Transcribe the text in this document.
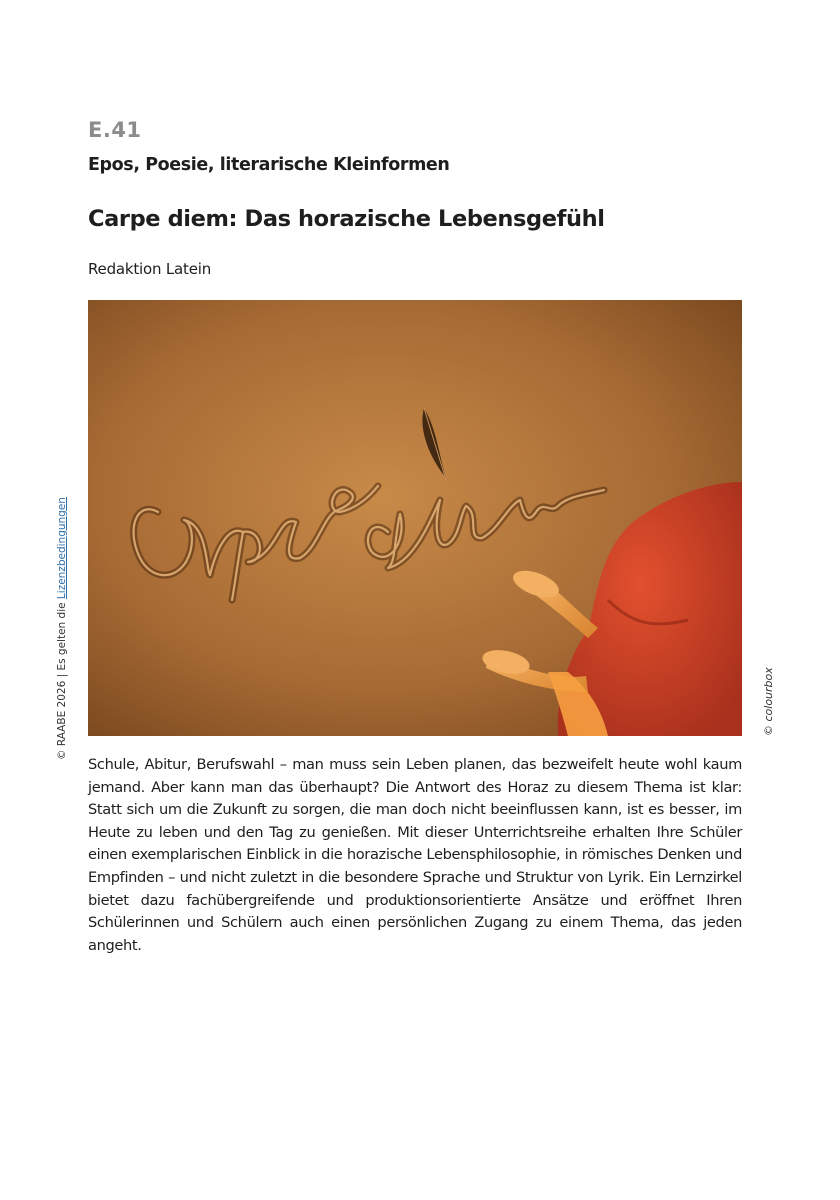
E.41
Epos, Poesie, literarische Kleinformen
Carpe diem: Das horazische Lebensgefühl
Redaktion Latein
© colourbox
© RAABE 2026 | Es gelten die Lizenzbedingungen

Schule, Abitur, Berufswahl – man muss sein Leben planen, das bezweifelt heute wohl kaum jemand. Aber kann man das überhaupt? Die Antwort des Horaz zu diesem Thema ist klar: Statt sich um die Zukunft zu sorgen, die man doch nicht beeinflussen kann, ist es besser, im Heute zu leben und den Tag zu genießen. Mit dieser Unterrichtsreihe erhalten Ihre Schüler einen exemplarischen Einblick in die horazische Lebensphilosophie, in römisches Denken und Empfinden – und nicht zuletzt in die besondere Sprache und Struktur von Lyrik. Ein Lernzirkel bietet dazu fachübergreifende und produktionsorientierte Ansätze und eröffnet Ihren Schülerinnen und Schülern auch einen persönlichen Zugang zu einem Thema, das jeden angeht.
